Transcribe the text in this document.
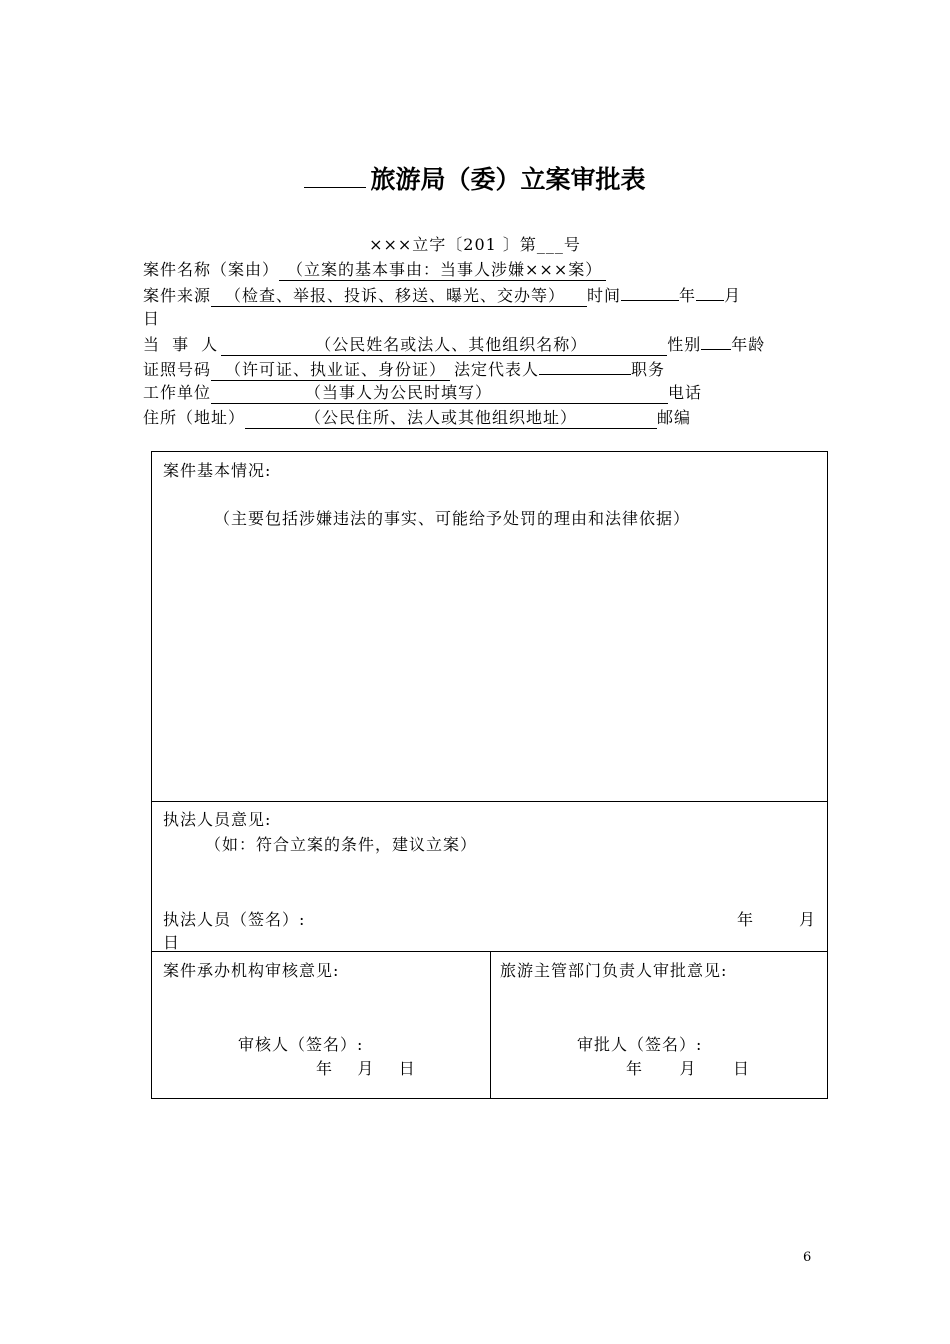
旅游局（委）立案审批表
×××立字〔201 〕第___号
案件名称（案由） （立案的基本事由：当事人涉嫌×××案）
案件来源 （检查、举报、投诉、移送、曝光、交办等） 时间	年 月
日
当 事 人	（公民姓名或法人、其他组织名称）	性别 年龄
证照号码 （许可证、执业证、身份证） 法定代表人	职务
工作单位	（当事人为公民时填写）	电话
住所（地址）	（公民住所、法人或其他组织地址）	邮编
案件基本情况:
（主要包括涉嫌违法的事实、可能给予处罚的理由和法律依据）
执法人员意见:
（如：符合立案的条件，建议立案）
执法人员（签名）:	年	月
日
案件承办机构审核意见:
审核人（签名）:
年    月    日
旅游主管部门负责人审批意见:
审批人（签名）:
年      月      日
6
